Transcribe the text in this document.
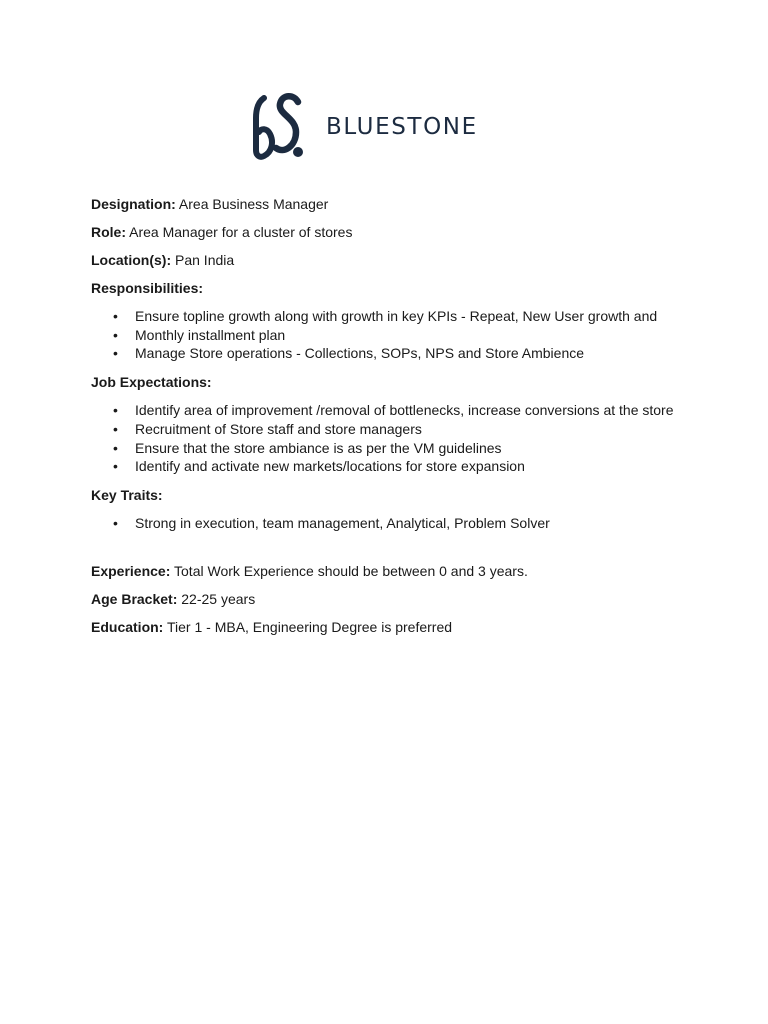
BLUESTONE

Designation: Area Business Manager

Role: Area Manager for a cluster of stores

Location(s): Pan India

Responsibilities:

• Ensure topline growth along with growth in key KPIs - Repeat, New User growth and
• Monthly installment plan
• Manage Store operations - Collections, SOPs, NPS and Store Ambience

Job Expectations:

• Identify area of improvement /removal of bottlenecks, increase conversions at the store
• Recruitment of Store staff and store managers
• Ensure that the store ambiance is as per the VM guidelines
• Identify and activate new markets/locations for store expansion

Key Traits:

• Strong in execution, team management, Analytical, Problem Solver

Experience: Total Work Experience should be between 0 and 3 years.

Age Bracket: 22-25 years

Education: Tier 1 - MBA, Engineering Degree is preferred
